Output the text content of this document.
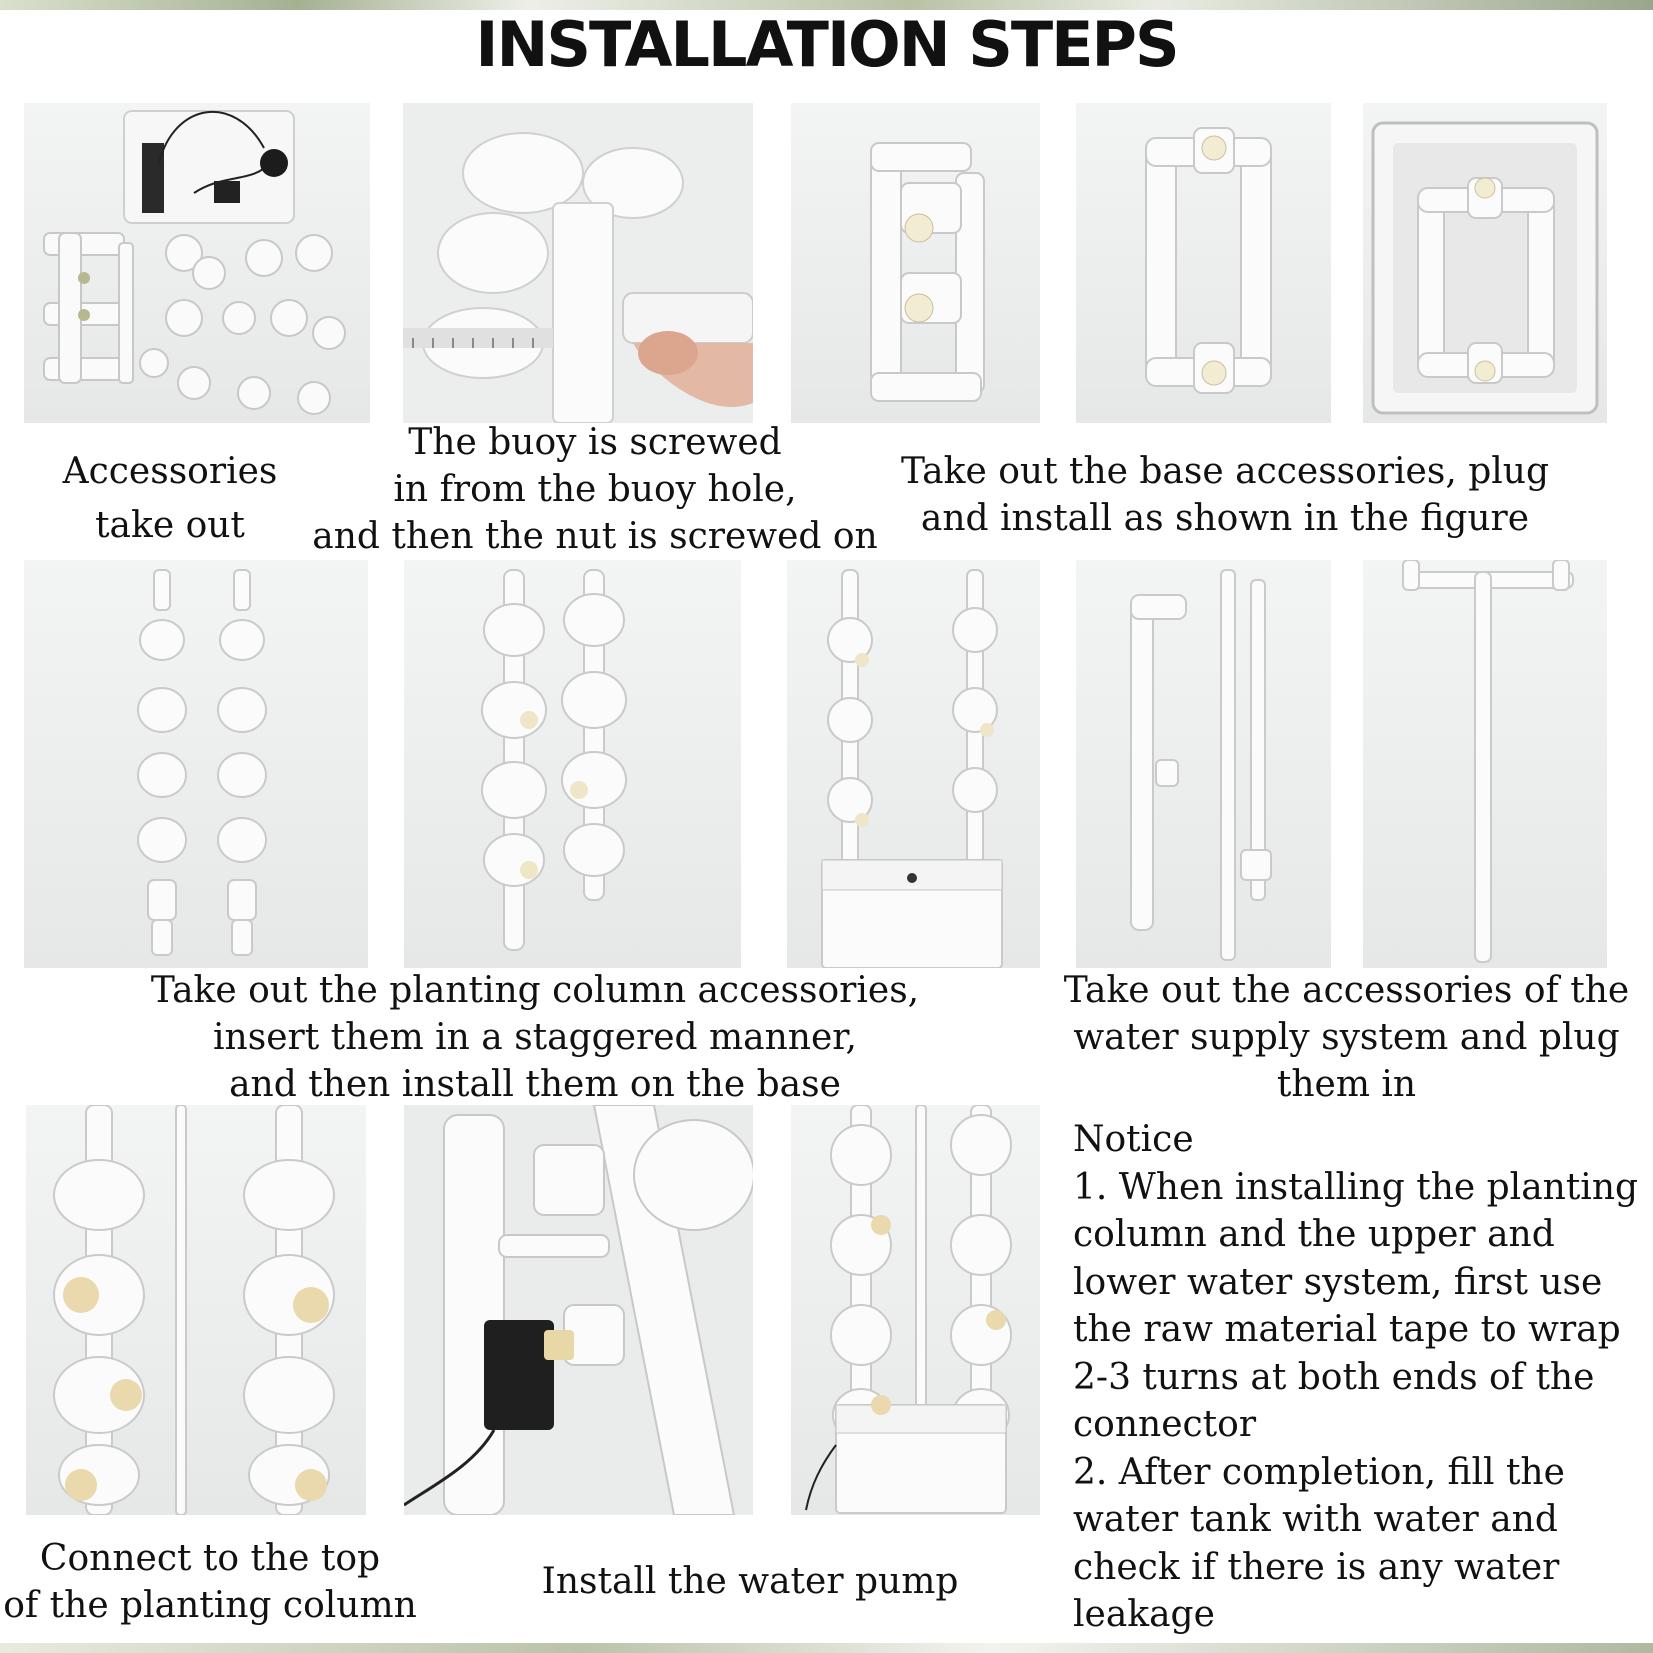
INSTALLATION STEPS
Accessories
take out
The buoy is screwed
in from the buoy hole,
and then the nut is screwed on
Take out the base accessories, plug
and install as shown in the figure
Take out the planting column accessories,
insert them in a staggered manner,
and then install them on the base
Take out the accessories of the
water supply system and plug
them in
Connect to the top
of the planting column
Install the water pump
Notice
1. When installing the planting
column and the upper and
lower water system, first use
the raw material tape to wrap
2-3 turns at both ends of the
connector
2. After completion, fill the
water tank with water and
check if there is any water
leakage
